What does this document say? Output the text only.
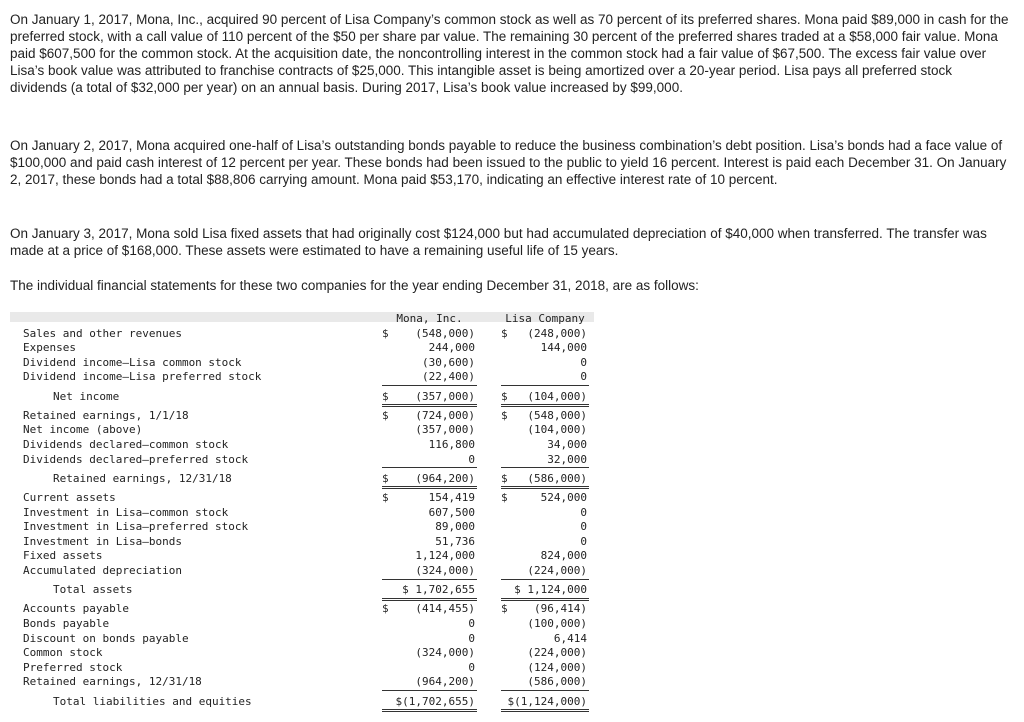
On January 1, 2017, Mona, Inc., acquired 90 percent of Lisa Company’s common stock as well as 70 percent of its preferred shares. Mona paid $89,000 in cash for the preferred stock, with a call value of 110 percent of the $50 per share par value. The remaining 30 percent of the preferred shares traded at a $58,000 fair value. Mona paid $607,500 for the common stock. At the acquisition date, the noncontrolling interest in the common stock had a fair value of $67,500. The excess fair value over Lisa’s book value was attributed to franchise contracts of $25,000. This intangible asset is being amortized over a 20-year period. Lisa pays all preferred stock dividends (a total of $32,000 per year) on an annual basis. During 2017, Lisa’s book value increased by $99,000.

On January 2, 2017, Mona acquired one-half of Lisa’s outstanding bonds payable to reduce the business combination’s debt position. Lisa’s bonds had a face value of $100,000 and paid cash interest of 12 percent per year. These bonds had been issued to the public to yield 16 percent. Interest is paid each December 31. On January 2, 2017, these bonds had a total $88,806 carrying amount. Mona paid $53,170, indicating an effective interest rate of 10 percent.

On January 3, 2017, Mona sold Lisa fixed assets that had originally cost $124,000 but had accumulated depreciation of $40,000 when transferred. The transfer was made at a price of $168,000. These assets were estimated to have a remaining useful life of 15 years.

The individual financial statements for these two companies for the year ending December 31, 2018, are as follows:

Mona, Inc.	Lisa Company
Sales and other revenues	$ (548,000) $ (248,000)
Expenses	244,000	144,000
Dividend income—Lisa common stock	(30,600)	0
Dividend income—Lisa preferred stock	(22,400)	0
Net income	$ (357,000) $ (104,000)
Retained earnings, 1/1/18	$ (724,000) $ (548,000)
Net income (above)	(357,000)	(104,000)
Dividends declared—common stock	116,800	34,000
Dividends declared—preferred stock	0	32,000
Retained earnings, 12/31/18	$ (964,200) $ (586,000)
Current assets	$	154,419 $	524,000
Investment in Lisa—common stock	607,500	0
Investment in Lisa—preferred stock	89,000	0
Investment in Lisa—bonds	51,736	0
Fixed assets	1,124,000	824,000
Accumulated depreciation	(324,000)	(224,000)
Total assets	$ 1,702,655	$ 1,124,000
Accounts payable	$ (414,455) $ (96,414)
Bonds payable	0	(100,000)
Discount on bonds payable	0	6,414
Common stock	(324,000)	(224,000)
Preferred stock	0	(124,000)
Retained earnings, 12/31/18	(964,200)	(586,000)
Total liabilities and equities	$(1,702,655)	$(1,124,000)
